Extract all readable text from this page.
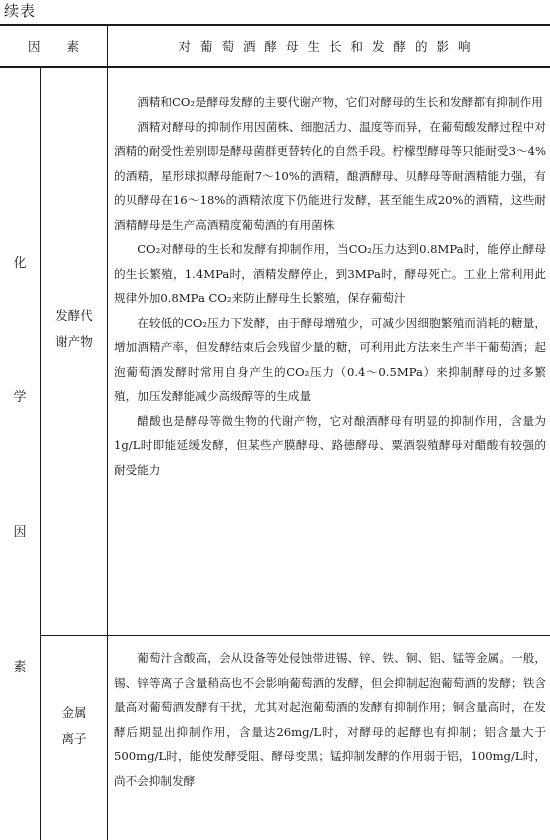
续表
因 素	对葡萄酒酵母生长和发酵的影响
化
学
因
素
发酵代
谢产物

酒精和CO₂是酵母发酵的主要代谢产物，它们对酵母的生长和发酵都有抑制作用

酒精对酵母的抑制作用因菌株、细胞活力、温度等而异，在葡萄酸发酵过程中对酒精的耐受性差别即是酵母菌群更替转化的自然手段。柠檬型酵母等只能耐受3～4%的酒精，星形球拟酵母能耐7～10%的酒精，酿酒酵母、贝酵母等耐酒精能力强，有的贝酵母在16～18%的酒精浓度下仍能进行发酵，甚至能生成20%的酒精，这些耐酒精酵母是生产高酒精度葡萄酒的有用菌株

CO₂对酵母的生长和发酵有抑制作用，当CO₂压力达到0.8MPa时，能停止酵母的生长繁殖，1.4MPa时，酒精发酵停止，到3MPa时，酵母死亡。工业上常利用此规律外加0.8MPa CO₂来防止酵母生长繁殖，保存葡萄汁

在较低的CO₂压力下发酵，由于酵母增殖少，可减少因细胞繁殖而消耗的糖量，增加酒精产率，但发酵结束后会残留少量的糖，可利用此方法来生产半干葡萄酒；起泡葡萄酒发酵时常用自身产生的CO₂压力（0.4～0.5MPa）来抑制酵母的过多繁殖，加压发酵能减少高级醇等的生成量

醋酸也是酵母等微生物的代谢产物，它对酿酒酵母有明显的抑制作用，含量为1g/L时即能延缓发酵，但某些产膜酵母、路德酵母、粟酒裂殖酵母对醋酸有较强的耐受能力

金属
离子

葡萄汁含酸高，会从设备等处侵蚀带进锡、锌、铁、铜、铝、锰等金属。一般，锡、锌等离子含量稍高也不会影响葡萄酒的发酵，但会抑制起泡葡萄酒的发酵；铁含量高对葡萄酒发酵有干扰，尤其对起泡葡萄酒的发酵有抑制作用；铜含量高时，在发酵后期显出抑制作用，含量达26mg/L时，对酵母的起酵也有抑制；铝含量大于500mg/L时，能使发酵受阻、酵母变黑；锰抑制发酵的作用弱于铝，100mg/L时，尚不会抑制发酵
